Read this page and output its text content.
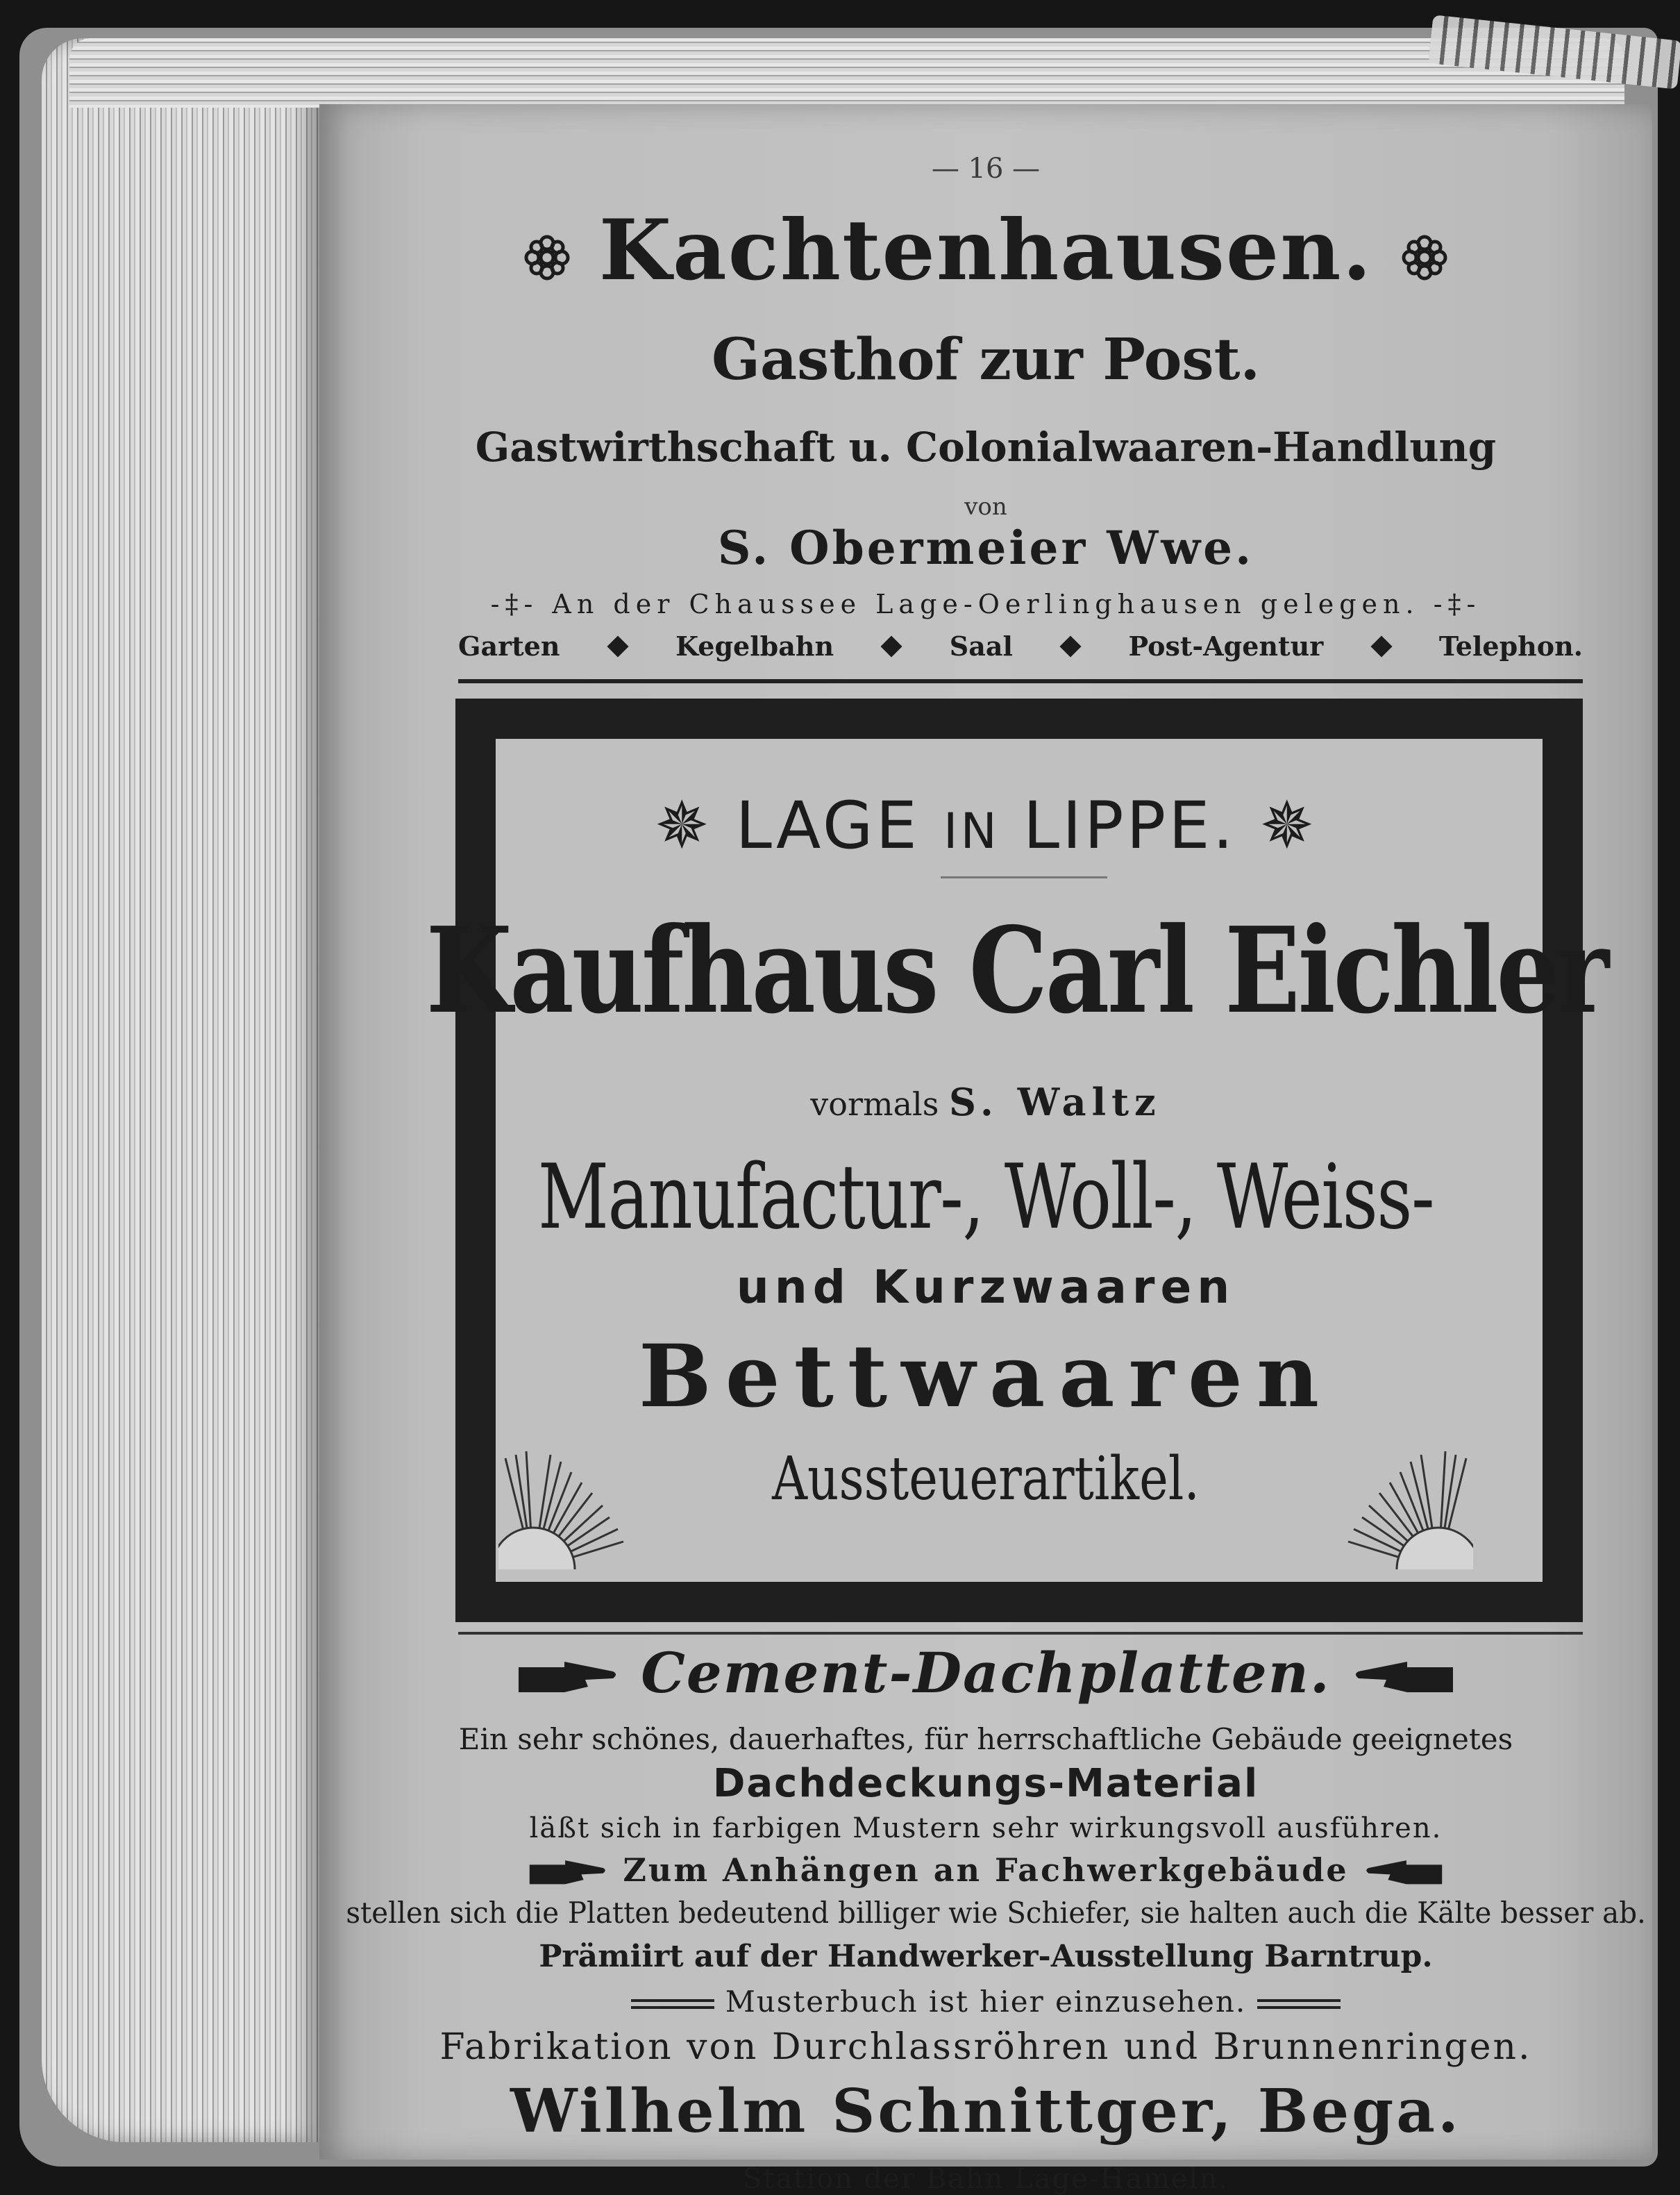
— 16 —
Kachtenhausen.
Gasthof zur Post.
Gastwirthschaft u. Colonialwaaren-Handlung
von
S. Obermeier Wwe.
-‡- An der Chaussee Lage-Oerlinghausen gelegen. -‡-
Garten	Kegelbahn	Saal	Post-Agentur	Telephon.
✵ LAGE IN LIPPE. ✵
Kaufhaus Carl Eichler
vormals S. Waltz
Manufactur-, Woll-, Weiss-
und Kurzwaaren
Bettwaaren
Aussteuerartikel.
Cement-Dachplatten.
Ein sehr schönes, dauerhaftes, für herrschaftliche Gebäude geeignetes
Dachdeckungs-Material
läßt sich in farbigen Mustern sehr wirkungsvoll ausführen.
Zum Anhängen an Fachwerkgebäude
stellen sich die Platten bedeutend billiger wie Schiefer, sie halten auch die Kälte besser ab.
Prämiirt auf der Handwerker-Ausstellung Barntrup.
Musterbuch ist hier einzusehen.
Fabrikation von Durchlassröhren und Brunnenringen.
Wilhelm Schnittger, Bega.
Station der Bahn Lage-Hameln.
